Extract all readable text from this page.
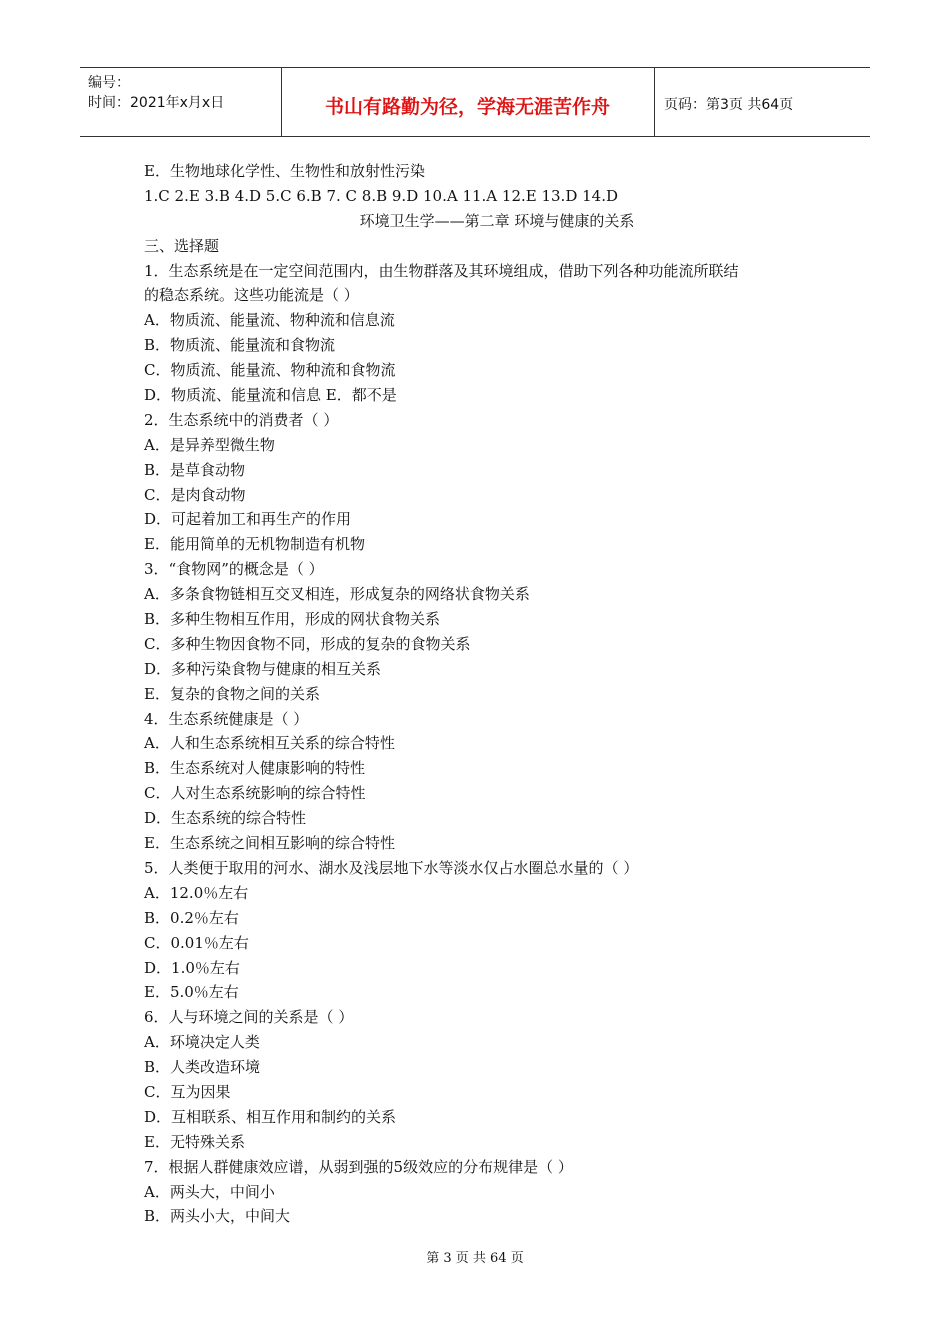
编号：
时间：2021年x月x日	书山有路勤为径，学海无涯苦作舟	页码：第3页 共64页
E．生物地球化学性、生物性和放射性污染
1.C 2.E 3.B 4.D 5.C 6.B 7. C 8.B 9.D 10.A 11.A 12.E 13.D 14.D
环境卫生学——第二章 环境与健康的关系
三、选择题
1．生态系统是在一定空间范围内，由生物群落及其环境组成，借助下列各种功能流所联结
的稳态系统。这些功能流是（ ）
A．物质流、能量流、物种流和信息流
B．物质流、能量流和食物流
C．物质流、能量流、物种流和食物流
D．物质流、能量流和信息 E．都不是
2．生态系统中的消费者（ ）
A．是异养型微生物
B．是草食动物
C．是肉食动物
D．可起着加工和再生产的作用
E．能用简单的无机物制造有机物
3．“食物网”的概念是（ ）
A．多条食物链相互交叉相连，形成复杂的网络状食物关系
B．多种生物相互作用，形成的网状食物关系
C．多种生物因食物不同，形成的复杂的食物关系
D．多种污染食物与健康的相互关系
E．复杂的食物之间的关系
4．生态系统健康是（ ）
A．人和生态系统相互关系的综合特性
B．生态系统对人健康影响的特性
C．人对生态系统影响的综合特性
D．生态系统的综合特性
E．生态系统之间相互影响的综合特性
5．人类便于取用的河水、湖水及浅层地下水等淡水仅占水圈总水量的（ ）
A．12.0％左右
B．0.2％左右
C．0.01％左右
D．1.0％左右
E．5.0％左右
6．人与环境之间的关系是（ ）
A．环境决定人类
B．人类改造环境
C．互为因果
D．互相联系、相互作用和制约的关系
E．无特殊关系
7．根据人群健康效应谱，从弱到强的5级效应的分布规律是（ ）
A．两头大，中间小
B．两头小大，中间大
第 3 页 共 64 页
